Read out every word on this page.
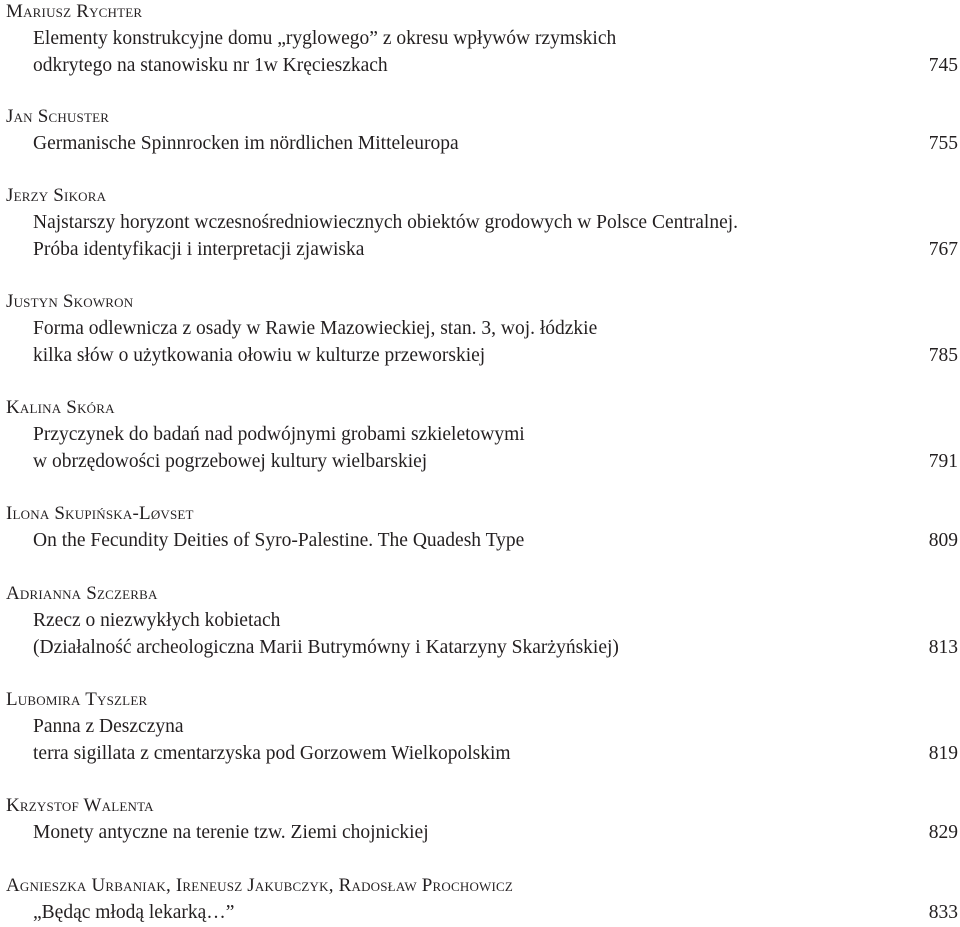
Mariusz Rychter
Elementy konstrukcyjne domu „ryglowego” z okresu wpływów rzymskich
odkrytego na stanowisku nr 1w Kręcieszkach	745
Jan Schuster
Germanische Spinnrocken im nördlichen Mitteleuropa	755
Jerzy Sikora
Najstarszy horyzont wczesnośredniowiecznych obiektów grodowych w Polsce Centralnej.
Próba identyfikacji i interpretacji zjawiska	767
Justyn Skowron
Forma odlewnicza z osady w Rawie Mazowieckiej, stan. 3, woj. łódzkie
kilka słów o użytkowania ołowiu w kulturze przeworskiej	785
Kalina Skóra
Przyczynek do badań nad podwójnymi grobami szkieletowymi
w obrzędowości pogrzebowej kultury wielbarskiej	791
Ilona Skupińska-Løvset
On the Fecundity Deities of Syro-Palestine. The Quadesh Type	809
Adrianna Szczerba
Rzecz o niezwykłych kobietach
(Działalność archeologiczna Marii Butrymówny i Katarzyny Skarżyńskiej)	813
Lubomira Tyszler
Panna z Deszczyna
terra sigillata z cmentarzyska pod Gorzowem Wielkopolskim	819
Krzystof Walenta
Monety antyczne na terenie tzw. Ziemi chojnickiej	829
Agnieszka Urbaniak, Ireneusz Jakubczyk, Radosław Prochowicz
„Będąc młodą lekarką…”	833
